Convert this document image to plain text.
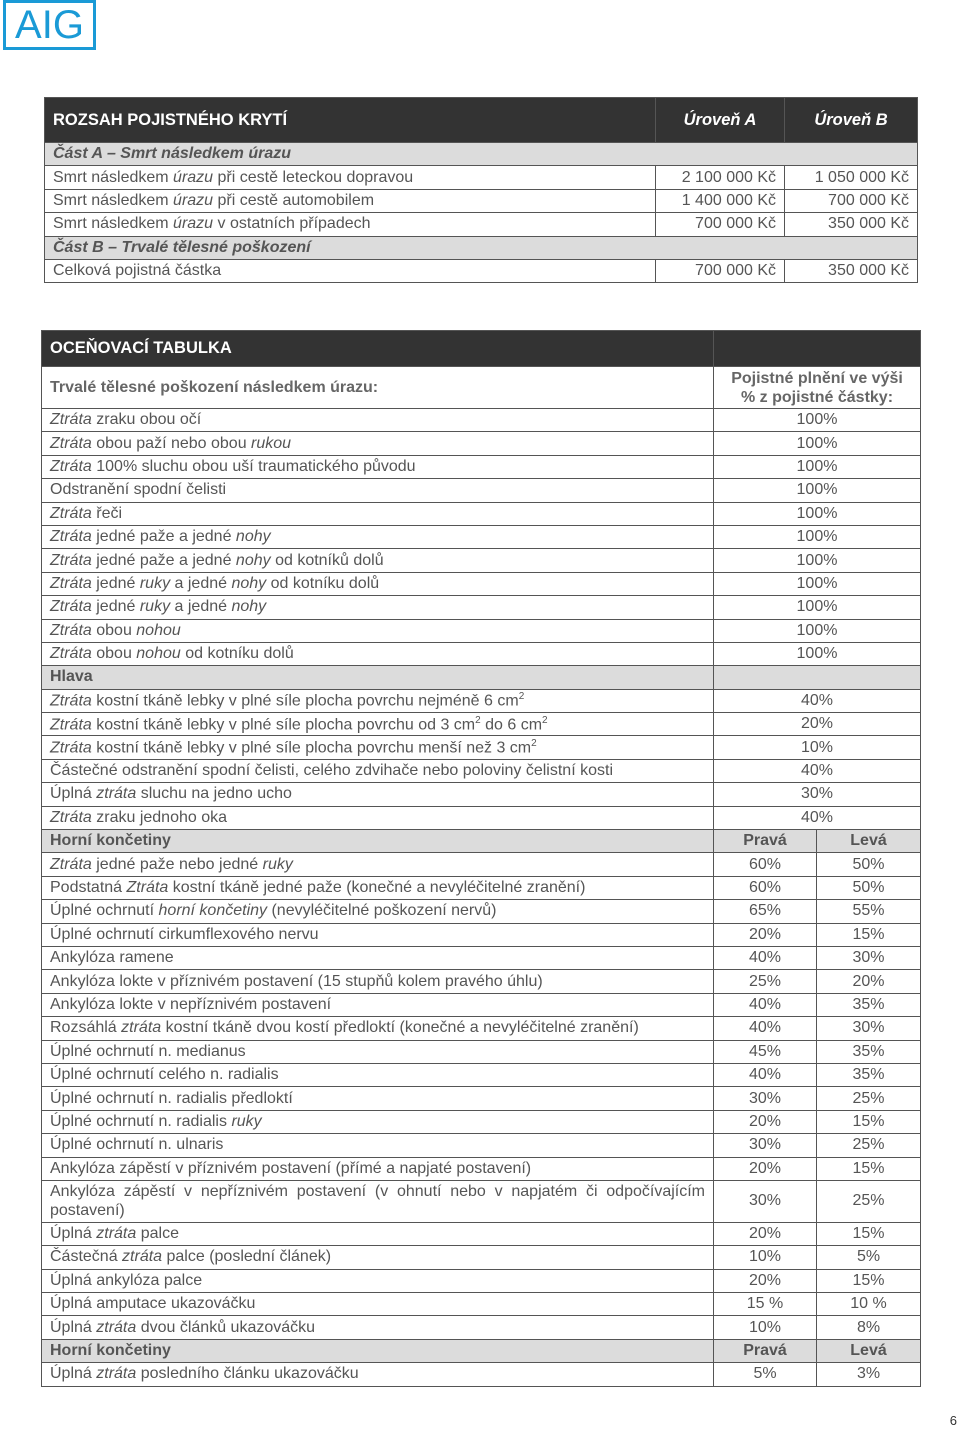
AIG
ROZSAH POJISTNÉHO KRYTÍ	Úroveň A	Úroveň B
Část A – Smrt následkem úrazu		
Smrt následkem úrazu při cestě leteckou dopravou	2 100 000 Kč	1 050 000 Kč
Smrt následkem úrazu při cestě automobilem	1 400 000 Kč	700 000 Kč
Smrt následkem úrazu v ostatních případech	700 000 Kč	350 000 Kč
Část B – Trvalé tělesné poškození		
Celková pojistná částka	700 000 Kč	350 000 Kč
OCEŇOVACÍ TABULKA		
Trvalé tělesné poškození následkem úrazu:	Pojistné plnění ve výši % z pojistné částky:	
Ztráta zraku obou očí	100%	
Ztráta obou paží nebo obou rukou	100%	
Ztráta 100% sluchu obou uší traumatického původu	100%	
Odstranění spodní čelisti	100%	
Ztráta řeči	100%	
Ztráta jedné paže a jedné nohy	100%	
Ztráta jedné paže a jedné nohy od kotníků dolů	100%	
Ztráta jedné ruky a jedné nohy od kotníku dolů	100%	
Ztráta jedné ruky a jedné nohy	100%	
Ztráta obou nohou	100%	
Ztráta obou nohou od kotníku dolů	100%	
Hlava		
Ztráta kostní tkáně lebky v plné síle plocha povrchu nejméně 6 $cm^2$	40%	
Ztráta kostní tkáně lebky v plné síle plocha povrchu od 3 $cm^2$ do 6 $cm^2$	20%	
Ztráta kostní tkáně lebky v plné síle plocha povrchu menší než 3 $cm^2$	10%	
Částečné odstranění spodní čelisti, celého zdvihače nebo poloviny čelistní kosti	40%	
Úplná ztráta sluchu na jedno ucho	30%	
Ztráta zraku jednoho oka	40%	
Horní končetiny	Pravá	Levá
Ztráta jedné paže nebo jedné ruky	60%	50%
Podstatná Ztráta kostní tkáně jedné paže (konečné a nevyléčitelné zranění)	60%	50%
Úplné ochrnutí horní končetiny (nevyléčitelné poškození nervů)	65%	55%
Úplné ochrnutí cirkumflexového nervu	20%	15%
Ankylóza ramene	40%	30%
Ankylóza lokte v příznivém postavení (15 stupňů kolem pravého úhlu)	25%	20%
Ankylóza lokte v nepříznivém postavení	40%	35%
Rozsáhlá ztráta kostní tkáně dvou kostí předloktí (konečné a nevyléčitelné zranění)	40%	30%
Úplné ochrnutí n. medianus	45%	35%
Úplné ochrnutí celého n. radialis	40%	35%
Úplné ochrnutí n. radialis předloktí	30%	25%
Úplné ochrnutí n. radialis ruky	20%	15%
Úplné ochrnutí n. ulnaris	30%	25%
Ankylóza zápěstí v příznivém postavení (přímé a napjaté postavení)	20%	15%
Ankylóza zápěstí v nepříznivém postavení (v ohnutí nebo v napjatém či odpočívajícím postavení)	30%	25%
Úplná ztráta palce	20%	15%
Částečná ztráta palce (poslední článek)	10%	5%
Úplná ankylóza palce	20%	15%
Úplná amputace ukazováčku	15 %	10 %
Úplná ztráta dvou článků ukazováčku	10%	8%
Horní končetiny	Pravá	Levá
Úplná ztráta posledního článku ukazováčku	5%	3%
6
